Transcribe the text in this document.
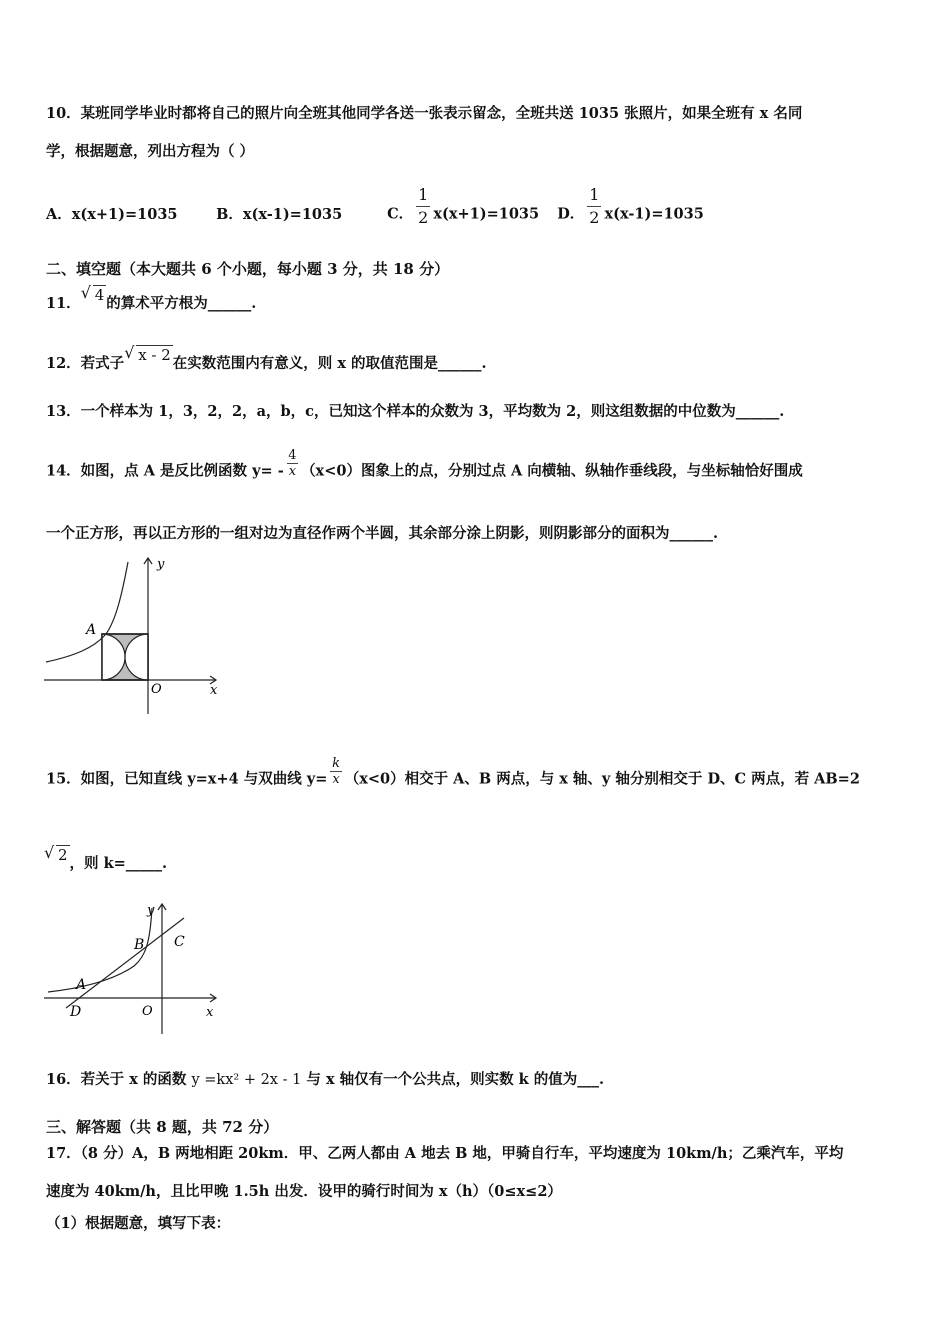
10．某班同学毕业时都将自己的照片向全班其他同学各送一张表示留念，全班共送 1035 张照片，如果全班有 x 名同
学，根据题意，列出方程为（ ）
A．x(x+1)=1035	B．x(x-1)=1035	C． $\frac{1}{2} x(x+1)=1035$ D． $\frac{1}{2} x(x-1)=1035$
二、填空题（本大题共 6 个小题，每小题 3 分，共 18 分）
11． √ 4 的算术平方根为______.
12．若式子 √ x - 2 在实数范围内有意义，则 x 的取值范围是______.
13．一个样本为 1，3，2，2，a，b，c，已知这个样本的众数为 3，平均数为 2，则这组数据的中位数为______.
14．如图，点 A 是反比例函数 $y= - \frac{4}{x} (x<0)$图象上的点，分别过点 A 向横轴、纵轴作垂线段，与坐标轴恰好围成
一个正方形，再以正方形的一组对边为直径作两个半圆，其余部分涂上阴影，则阴影部分的面积为______.
y
A
O	x
15．如图，已知直线 y=x+4 与双曲线 $y= \frac{k}{x} (x<0)$相交于 A、B 两点，与 x 轴、y 轴分别相交于 D、C 两点，若 AB=2
√ 2 ，则 k=_____.
y
B C
A
D	O	x
16．若关于 x 的函数 y =kx² + 2x - 1 与 x 轴仅有一个公共点，则实数 k 的值为___.
三、解答题（共 8 题，共 72 分）
17．（8 分）A，B 两地相距 20km．甲、乙两人都由 A 地去 B 地，甲骑自行车，平均速度为 10km/h；乙乘汽车，平均
速度为 40km/h，且比甲晚 1.5h 出发．设甲的骑行时间为 x（h）（0≤x≤2）
（1）根据题意，填写下表：
